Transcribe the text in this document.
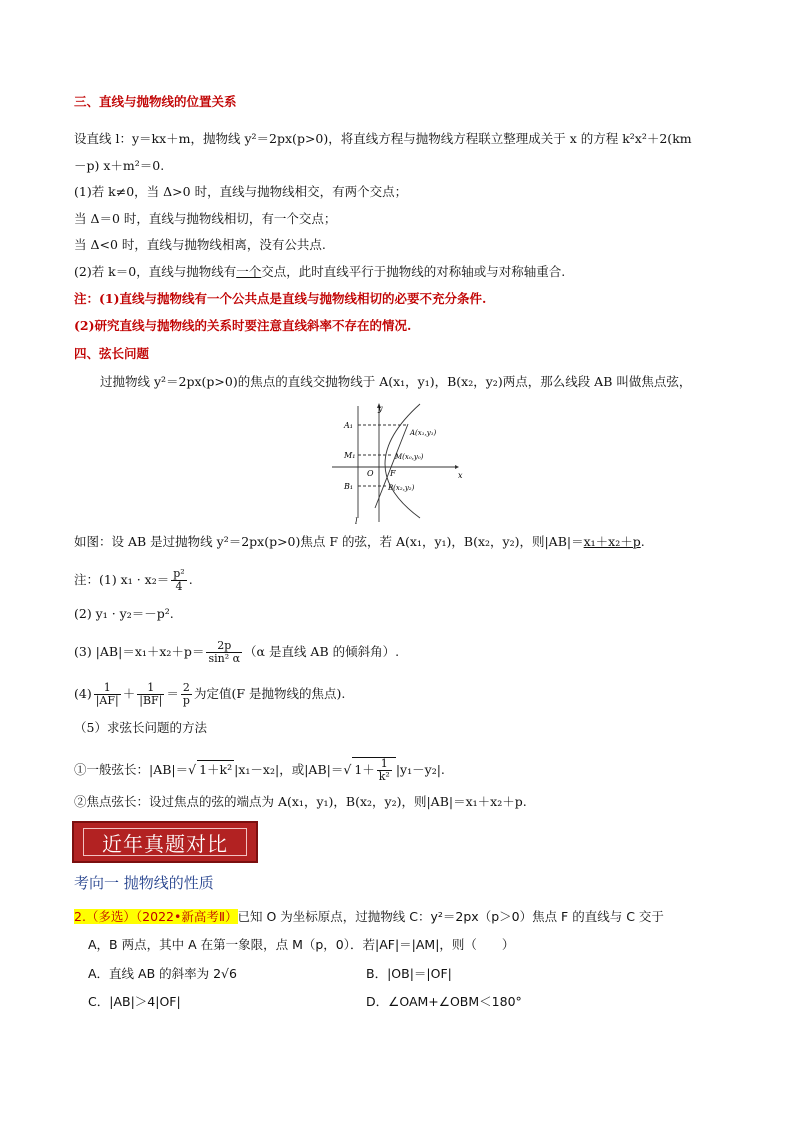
三、直线与抛物线的位置关系
设直线 l：y＝kx＋m，抛物线 y²＝2px(p>0)，将直线方程与抛物线方程联立整理成关于 x 的方程 k²x²＋2(km
－p) x＋m²＝0.
(1)若 k≠0，当 Δ>0 时，直线与抛物线相交，有两个交点；
当 Δ＝0 时，直线与抛物线相切，有一个交点；
当 Δ<0 时，直线与抛物线相离，没有公共点.
(2)若 k＝0，直线与抛物线有一个交点，此时直线平行于抛物线的对称轴或与对称轴重合.
注：(1)直线与抛物线有一个公共点是直线与抛物线相切的必要不充分条件.
(2)研究直线与抛物线的关系时要注意直线斜率不存在的情况.
四、弦长问题
过抛物线 y²＝2px(p>0)的焦点的直线交抛物线于 A(x₁，y₁)，B(x₂，y₂)两点，那么线段 AB 叫做焦点弦，
y
x
A₁
M₁
B₁
O F
l
A(x₁,y₁)
M(x₀,y₀)
B(x₂,y₂)
如图：设 AB 是过抛物线 y²＝2px(p>0)焦点 F 的弦，若 A(x₁，y₁)，B(x₂，y₂)，则|AB|＝x₁＋x₂＋p.
注：(1) $x_1 \cdot x_2= \frac{\text{p²}}{4}$ .
(2) y₁ · y₂＝－p².
(3) $|AB|=x_1+x_2+p= \frac{2p}{\text{sin² α}} (\alpha$ 是直线 AB 的倾斜角）.
$(4) \frac{1}{|AF|} + \frac{1}{|BF|} = \frac{2}{p}$ 为定值(F 是抛物线的焦点).
（5）求弦长问题的方法
①一般弦长：|AB|＝√ 1＋k² |x₁－x₂|，或|AB|＝√ $1+ \frac{1}{\text{k²}} |y_1-y_2|$.
②焦点弦长：设过焦点的弦的端点为 A(x₁，y₁)，B(x₂，y₂)，则|AB|＝x₁＋x₂＋p.
近年真题对比
考向一 抛物线的性质
2.（多选）（2022•新高考Ⅱ）已知 O 为坐标原点，过抛物线 C：y²＝2px（p＞0）焦点 F 的直线与 C 交于
A，B 两点，其中 A 在第一象限，点 M（p，0）．若|AF|＝|AM|，则（　　）
A．直线 AB 的斜率为 2√6	B．|OB|＝|OF|
C．|AB|＞4|OF|	D．∠OAM+∠OBM＜180°
